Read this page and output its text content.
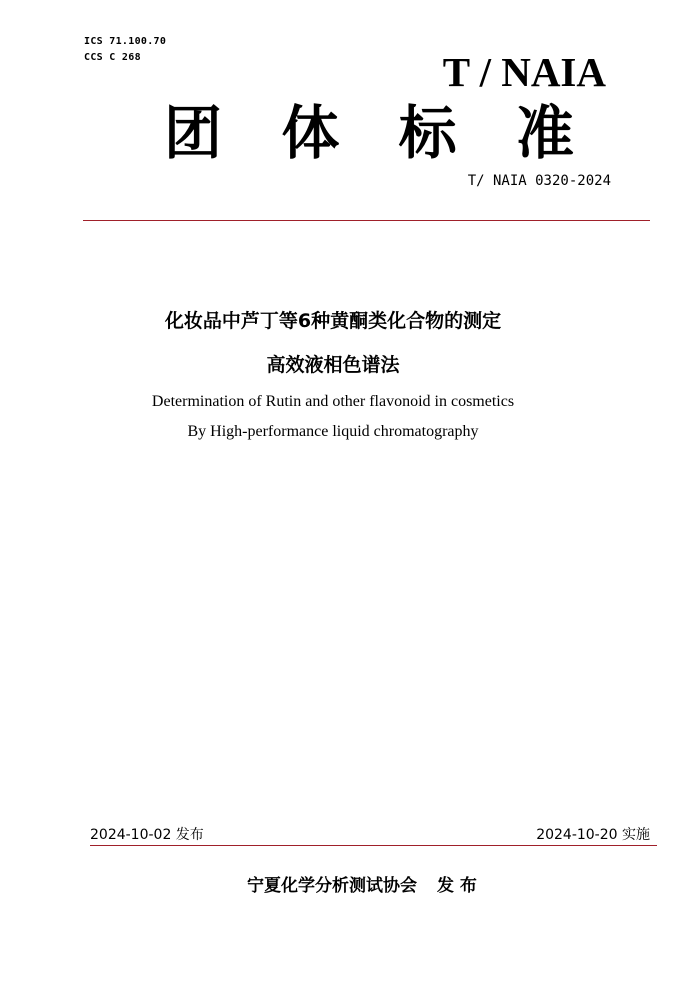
ICS 71.100.70
CCS C 268	T / NAIA
团 体 标 准
T/ NAIA 0320-2024
化妆品中芦丁等6种黄酮类化合物的测定
高效液相色谱法
Determination of Rutin and other flavonoid in cosmetics
By High-performance liquid chromatography
2024-10-02 发布	2024-10-20 实施
宁夏化学分析测试协会 发 布
